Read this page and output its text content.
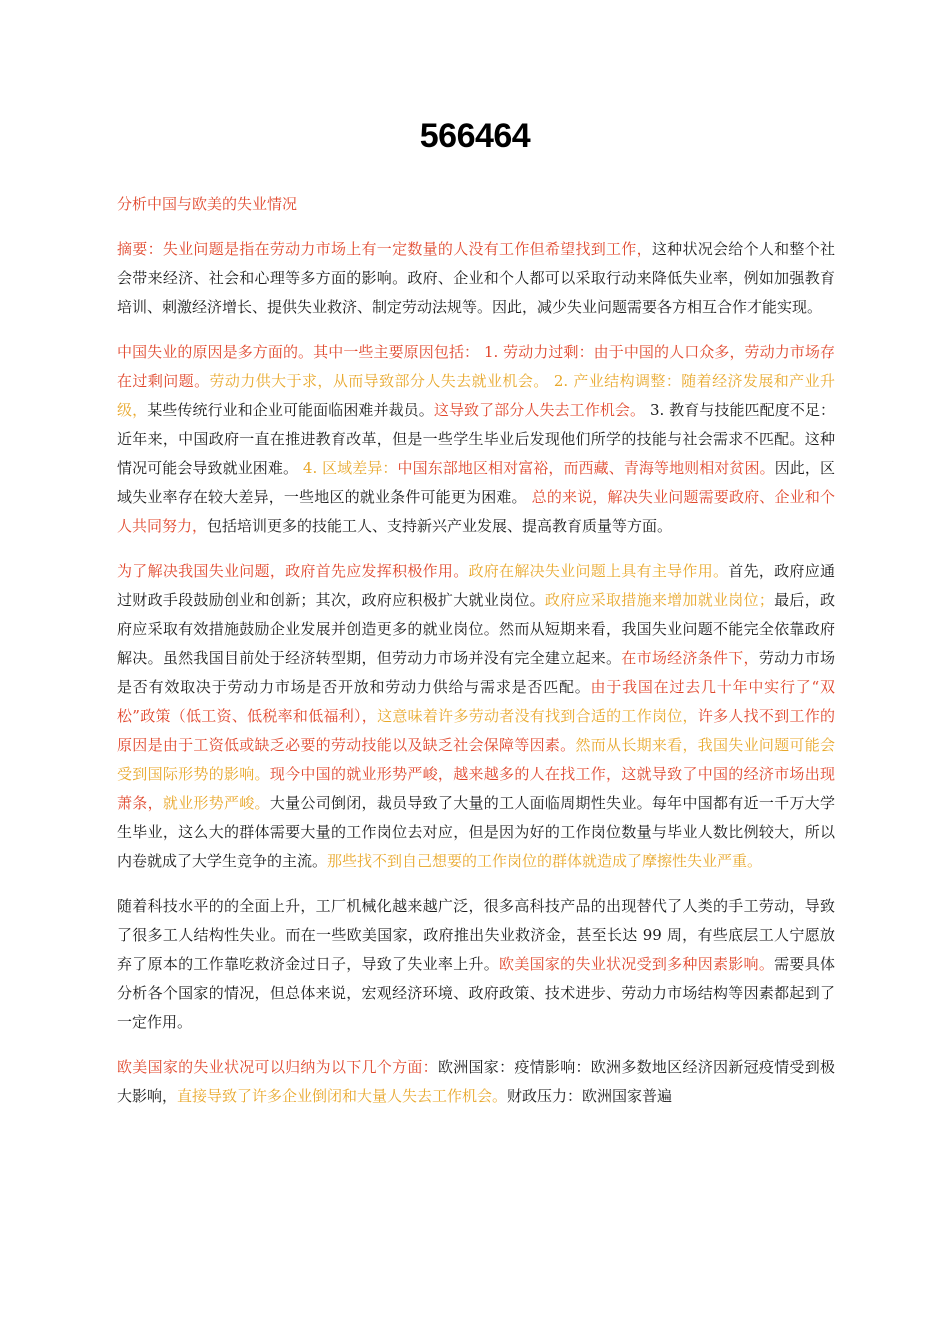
566464

分析中国与欧美的失业情况

摘要：失业问题是指在劳动力市场上有一定数量的人没有工作但希望找到工作，这种状况会给个人和整个社会带来经济、社会和心理等多方面的影响。政府、企业和个人都可以采取行动来降低失业率，例如加强教育培训、刺激经济增长、提供失业救济、制定劳动法规等。因此，减少失业问题需要各方相互合作才能实现。

中国失业的原因是多方面的。其中一些主要原因包括： 1. 劳动力过剩：由于中国的人口众多，劳动力市场存在过剩问题。劳动力供大于求，从而导致部分人失去就业机会。 2. 产业结构调整：随着经济发展和产业升级，某些传统行业和企业可能面临困难并裁员。这导致了部分人失去工作机会。 3. 教育与技能匹配度不足：近年来，中国政府一直在推进教育改革，但是一些学生毕业后发现他们所学的技能与社会需求不匹配。这种情况可能会导致就业困难。 4. 区域差异：中国东部地区相对富裕，而西藏、青海等地则相对贫困。因此，区域失业率存在较大差异，一些地区的就业条件可能更为困难。 总的来说，解决失业问题需要政府、企业和个人共同努力，包括培训更多的技能工人、支持新兴产业发展、提高教育质量等方面。

为了解决我国失业问题，政府首先应发挥积极作用。政府在解决失业问题上具有主导作用。首先，政府应通过财政手段鼓励创业和创新；其次，政府应积极扩大就业岗位。政府应采取措施来增加就业岗位；最后，政府应采取有效措施鼓励企业发展并创造更多的就业岗位。然而从短期来看，我国失业问题不能完全依靠政府解决。虽然我国目前处于经济转型期，但劳动力市场并没有完全建立起来。在市场经济条件下，劳动力市场是否有效取决于劳动力市场是否开放和劳动力供给与需求是否匹配。由于我国在过去几十年中实行了“双松”政策（低工资、低税率和低福利），这意味着许多劳动者没有找到合适的工作岗位，许多人找不到工作的原因是由于工资低或缺乏必要的劳动技能以及缺乏社会保障等因素。然而从长期来看，我国失业问题可能会受到国际形势的影响。现今中国的就业形势严峻，越来越多的人在找工作，这就导致了中国的经济市场出现萧条，就业形势严峻。大量公司倒闭，裁员导致了大量的工人面临周期性失业。每年中国都有近一千万大学生毕业，这么大的群体需要大量的工作岗位去对应，但是因为好的工作岗位数量与毕业人数比例较大，所以内卷就成了大学生竞争的主流。那些找不到自己想要的工作岗位的群体就造成了摩擦性失业严重。

随着科技水平的的全面上升，工厂机械化越来越广泛，很多高科技产品的出现替代了人类的手工劳动，导致了很多工人结构性失业。而在一些欧美国家，政府推出失业救济金，甚至长达 99 周，有些底层工人宁愿放弃了原本的工作靠吃救济金过日子，导致了失业率上升。欧美国家的失业状况受到多种因素影响。需要具体分析各个国家的情况，但总体来说，宏观经济环境、政府政策、技术进步、劳动力市场结构等因素都起到了一定作用。

欧美国家的失业状况可以归纳为以下几个方面：欧洲国家：疫情影响：欧洲多数地区经济因新冠疫情受到极大影响，直接导致了许多企业倒闭和大量人失去工作机会。财政压力：欧洲国家普遍
